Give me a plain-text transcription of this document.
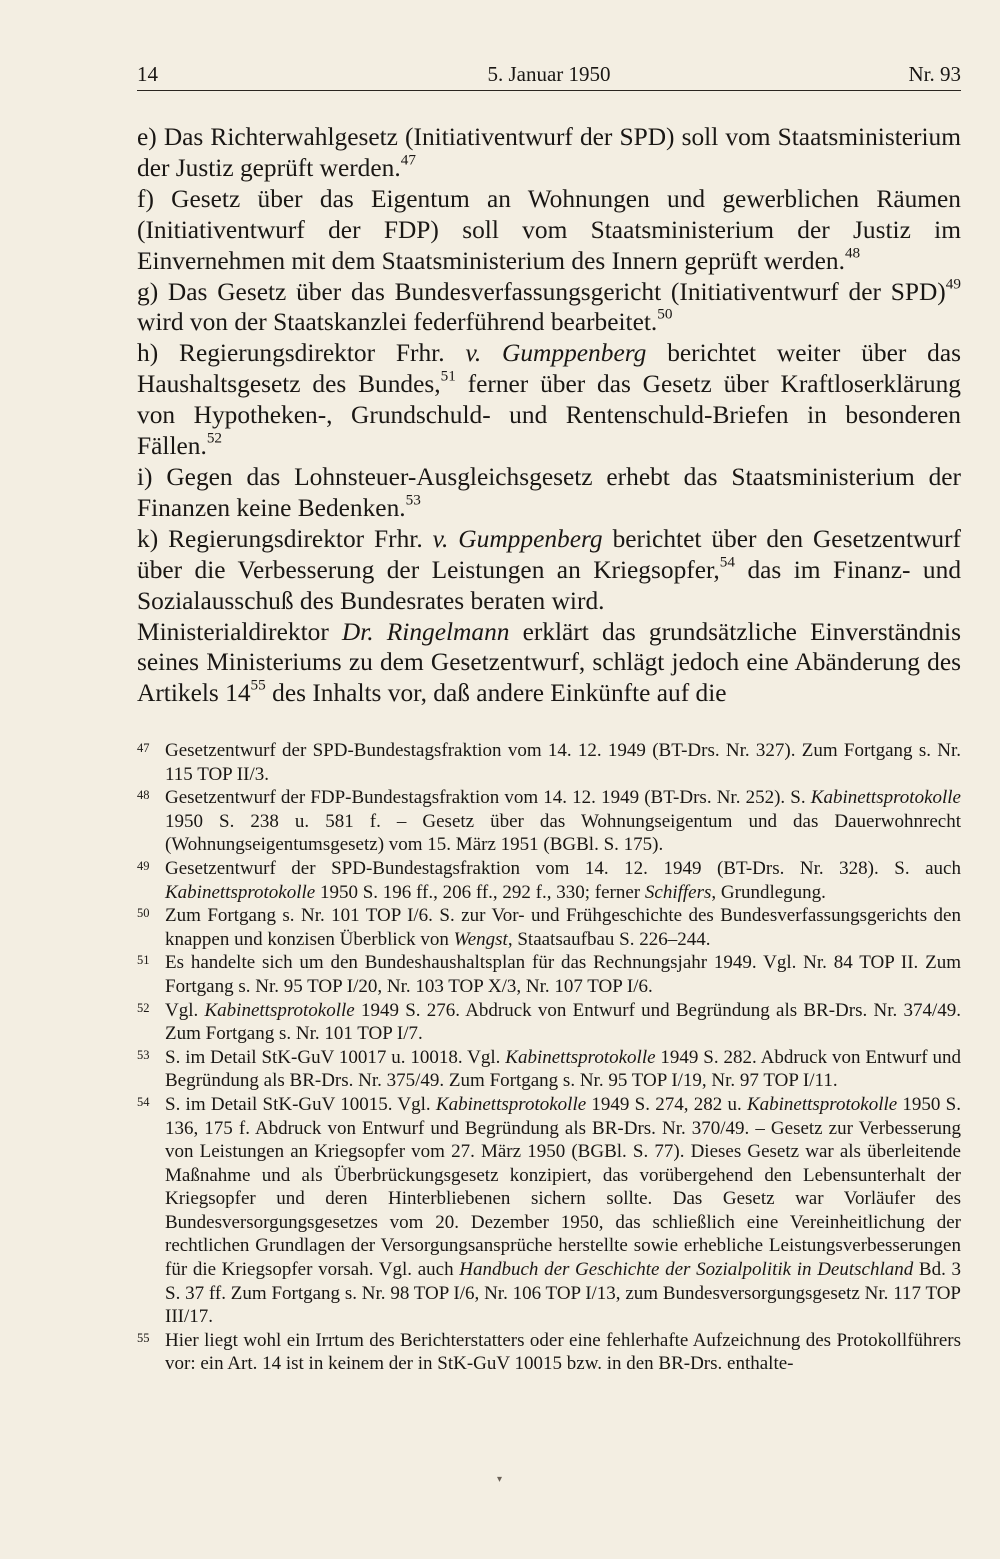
14	5. Januar 1950	Nr. 93

e) Das Richterwahlgesetz (Initiativentwurf der SPD) soll vom Staatsministerium der Justiz geprüft werden.$^{47}$

f) Gesetz über das Eigentum an Wohnungen und gewerblichen Räumen (Initiativentwurf der FDP) soll vom Staatsministerium der Justiz im Einvernehmen mit dem Staatsministerium des Innern geprüft werden.$^{48}$

g) Das Gesetz über das Bundesverfassungsgericht (Initiativentwurf der SPD)$^{49}$ wird von der Staatskanzlei federführend bearbeitet.$^{50}$

h) Regierungsdirektor Frhr. v. Gumppenberg berichtet weiter über das Haushaltsgesetz des Bundes,$^{51}$ ferner über das Gesetz über Kraftloserklärung von Hypotheken-, Grundschuld- und Rentenschuld-Briefen in besonderen Fällen.$^{52}$

i) Gegen das Lohnsteuer-Ausgleichsgesetz erhebt das Staatsministerium der Finanzen keine Bedenken.$^{53}$

k) Regierungsdirektor Frhr. v. Gumppenberg berichtet über den Gesetzentwurf über die Verbesserung der Leistungen an Kriegsopfer,$^{54}$ das im Finanz- und Sozialausschuß des Bundesrates beraten wird.

Ministerialdirektor Dr. Ringelmann erklärt das grundsätzliche Einverständnis seines Ministeriums zu dem Gesetzentwurf, schlägt jedoch eine Abänderung des Artikels $14^{55}$ des Inhalts vor, daß andere Einkünfte auf die

47 Gesetzentwurf der SPD-Bundestagsfraktion vom 14. 12. 1949 (BT-Drs. Nr. 327). Zum Fortgang s. Nr. 115 TOP II/3.

48 Gesetzentwurf der FDP-Bundestagsfraktion vom 14. 12. 1949 (BT-Drs. Nr. 252). S. Kabinettsprotokolle 1950 S. 238 u. 581 f. – Gesetz über das Wohnungseigentum und das Dauerwohnrecht (Wohnungseigentumsgesetz) vom 15. März 1951 (BGBl. S. 175).

49 Gesetzentwurf der SPD-Bundestagsfraktion vom 14. 12. 1949 (BT-Drs. Nr. 328). S. auch Kabinettsprotokolle 1950 S. 196 ff., 206 ff., 292 f., 330; ferner Schiffers, Grundlegung.

50 Zum Fortgang s. Nr. 101 TOP I/6. S. zur Vor- und Frühgeschichte des Bundesverfassungsgerichts den knappen und konzisen Überblick von Wengst, Staatsaufbau S. 226–244.

51 Es handelte sich um den Bundeshaushaltsplan für das Rechnungsjahr 1949. Vgl. Nr. 84 TOP II. Zum Fortgang s. Nr. 95 TOP I/20, Nr. 103 TOP X/3, Nr. 107 TOP I/6.

52 Vgl. Kabinettsprotokolle 1949 S. 276. Abdruck von Entwurf und Begründung als BR-Drs. Nr. 374/49. Zum Fortgang s. Nr. 101 TOP I/7.

53 S. im Detail StK-GuV 10017 u. 10018. Vgl. Kabinettsprotokolle 1949 S. 282. Abdruck von Entwurf und Begründung als BR-Drs. Nr. 375/49. Zum Fortgang s. Nr. 95 TOP I/19, Nr. 97 TOP I/11.

54 S. im Detail StK-GuV 10015. Vgl. Kabinettsprotokolle 1949 S. 274, 282 u. Kabinettsprotokolle 1950 S. 136, 175 f. Abdruck von Entwurf und Begründung als BR-Drs. Nr. 370/49. – Gesetz zur Verbesserung von Leistungen an Kriegsopfer vom 27. März 1950 (BGBl. S. 77). Dieses Gesetz war als überleitende Maßnahme und als Überbrückungsgesetz konzipiert, das vorübergehend den Lebensunterhalt der Kriegsopfer und deren Hinterbliebenen sichern sollte. Das Gesetz war Vorläufer des Bundesversorgungsgesetzes vom 20. Dezember 1950, das schließlich eine Vereinheitlichung der rechtlichen Grundlagen der Versorgungsansprüche herstellte sowie erhebliche Leistungsverbesserungen für die Kriegsopfer vorsah. Vgl. auch Handbuch der Geschichte der Sozialpolitik in Deutschland Bd. 3 S. 37 ff. Zum Fortgang s. Nr. 98 TOP I/6, Nr. 106 TOP I/13, zum Bundesversorgungsgesetz Nr. 117 TOP III/17.

55 Hier liegt wohl ein Irrtum des Berichterstatters oder eine fehlerhafte Aufzeichnung des Protokollführers vor: ein Art. 14 ist in keinem der in StK-GuV 10015 bzw. in den BR-Drs. enthalte-

▾
